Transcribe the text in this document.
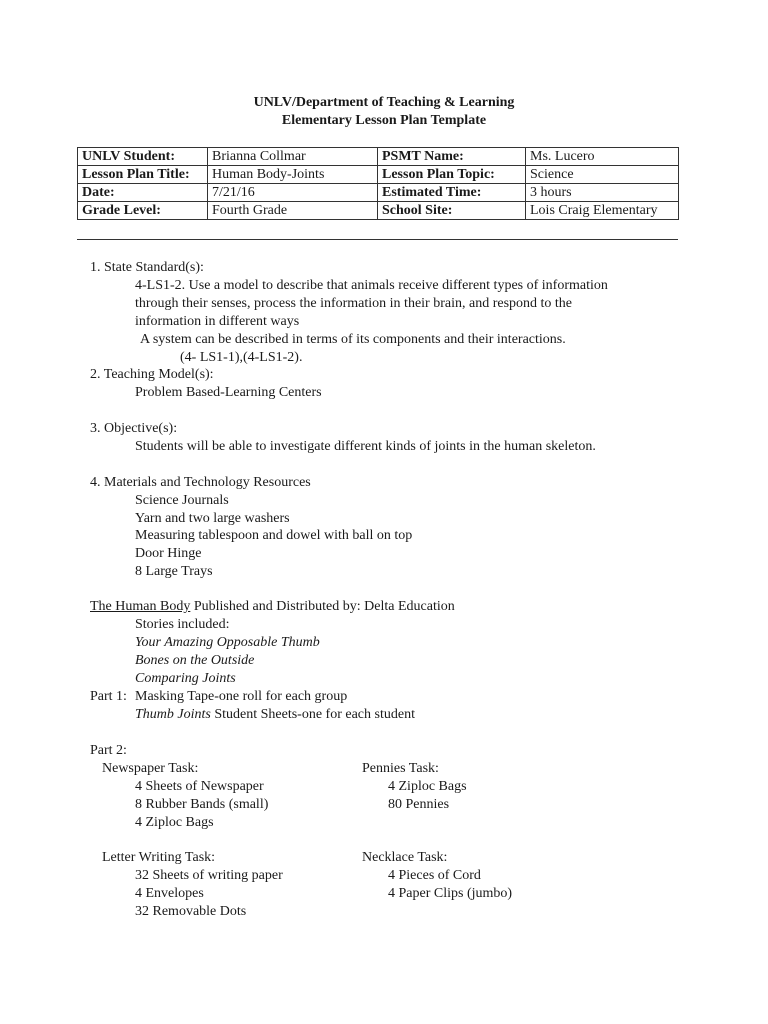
UNLV/Department of Teaching & Learning
Elementary Lesson Plan Template
UNLV Student:	Brianna Collmar	PSMT Name:	Ms. Lucero
Lesson Plan Title:	Human Body-Joints	Lesson Plan Topic:	Science
Date:	7/21/16	Estimated Time:	3 hours
Grade Level:	Fourth Grade	School Site:	Lois Craig Elementary
1. State Standard(s):
4-LS1-2. Use a model to describe that animals receive different types of information
through their senses, process the information in their brain, and respond to the
information in different ways
A system can be described in terms of its components and their interactions.
(4- LS1-1),(4-LS1-2).
2. Teaching Model(s):
Problem Based-Learning Centers
3. Objective(s):
Students will be able to investigate different kinds of joints in the human skeleton.
4. Materials and Technology Resources
Science Journals
Yarn and two large washers
Measuring tablespoon and dowel with ball on top
Door Hinge
8 Large Trays
The Human Body Published and Distributed by: Delta Education
Stories included:
Your Amazing Opposable Thumb
Bones on the Outside
Comparing Joints
Part 1: Masking Tape-one roll for each group
Thumb Joints Student Sheets-one for each student
Part 2:
Newspaper Task:
4 Sheets of Newspaper
8 Rubber Bands (small)
4 Ziploc Bags
Pennies Task:
4 Ziploc Bags
80 Pennies
Letter Writing Task:
32 Sheets of writing paper
4 Envelopes
32 Removable Dots
Necklace Task:
4 Pieces of Cord
4 Paper Clips (jumbo)
